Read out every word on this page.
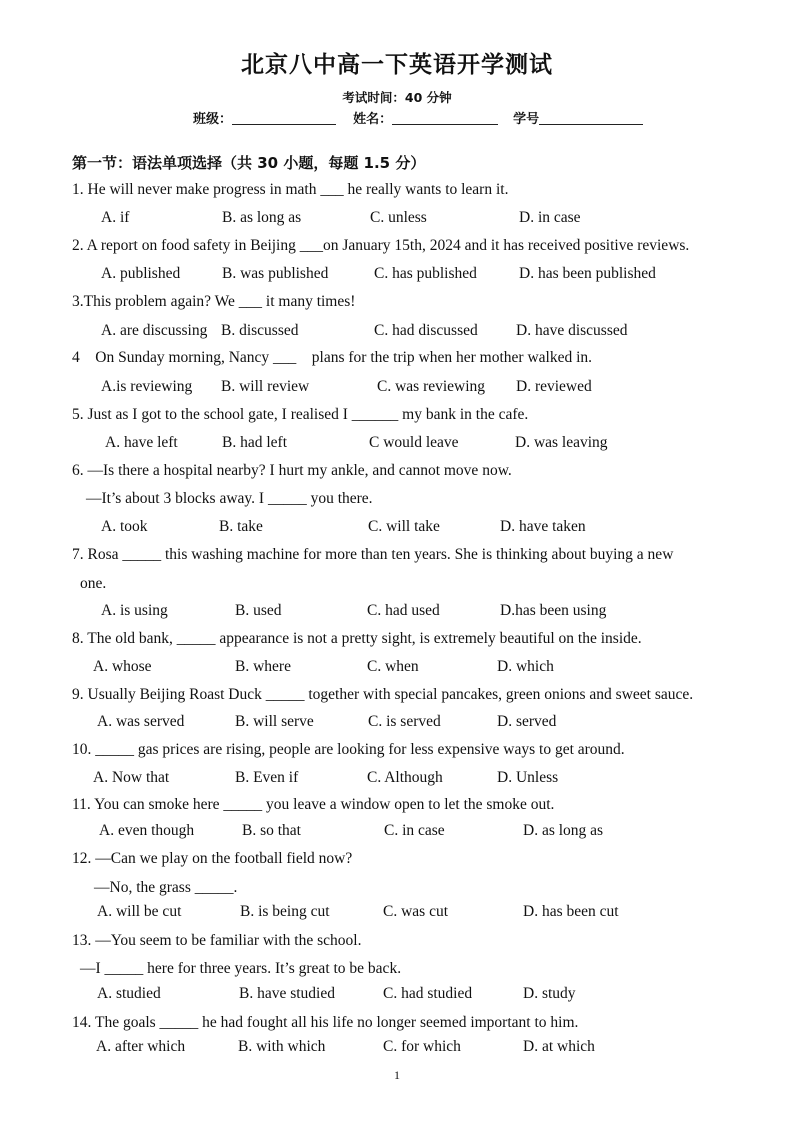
北京八中高一下英语开学测试
考试时间：40 分钟
班级：	姓名：	学号
第一节：语法单项选择（共 30 小题，每题 1.5 分）
1. He will never make progress in math ___ he really wants to learn it.
A. if	B. as long as	C. unless	D. in case
2. A report on food safety in Beijing ___on January 15th, 2024 and it has received positive reviews.
A. published	B. was published	C. has published	D. has been published
3.This problem again? We ___ it many times!
A. are discussing B. discussed	C. had discussed D. have discussed
4    On Sunday morning, Nancy ___    plans for the trip when her mother walked in.
A.is reviewing B. will review	C. was reviewing D. reviewed
5. Just as I got to the school gate, I realised I ______ my bank in the cafe.
A. have left	B. had left	C would leave	D. was leaving
6. —Is there a hospital nearby? I hurt my ankle, and cannot move now.
—It’s about 3 blocks away. I _____ you there.
A. took	B. take	C. will take	D. have taken
7. Rosa _____ this washing machine for more than ten years. She is thinking about buying a new
one.
A. is using	B. used	C. had used	D.has been using
8. The old bank, _____ appearance is not a pretty sight, is extremely beautiful on the inside.
A. whose	B. where	C. when	D. which
9. Usually Beijing Roast Duck _____ together with special pancakes, green onions and sweet sauce.
A. was served	B. will serve	C. is served	D. served
10. _____ gas prices are rising, people are looking for less expensive ways to get around.
A. Now that	B. Even if	C. Although	D. Unless
11. You can smoke here _____ you leave a window open to let the smoke out.
A. even though	B. so that	C. in case	D. as long as
12. —Can we play on the football field now?
—No, the grass _____.
A. will be cut	B. is being cut	C. was cut	D. has been cut
13. —You seem to be familiar with the school.
—I _____ here for three years. It’s great to be back.
A. studied	B. have studied	C. had studied	D. study
14. The goals _____ he had fought all his life no longer seemed important to him.
A. after which	B. with which	C. for which	D. at which
1
